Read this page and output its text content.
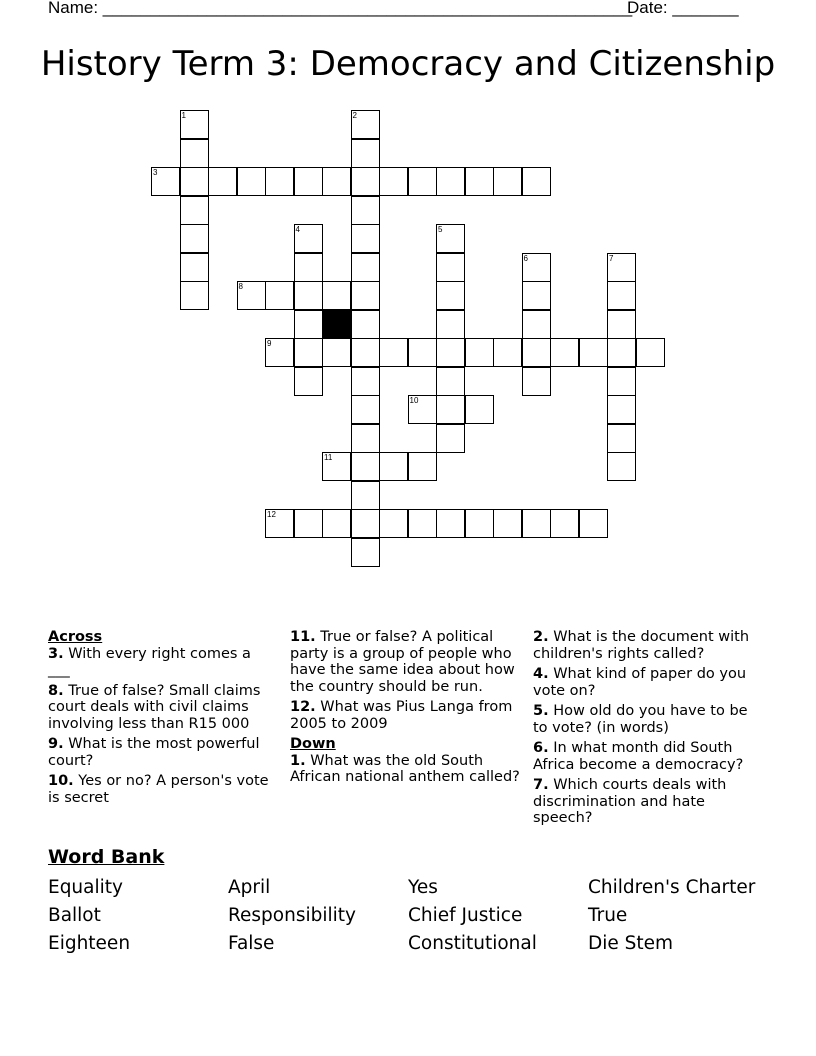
Name: ________________________________________________________
Date: _______
History Term 3: Democracy and Citizenship
1	2
3
4	5
6	7
8
9
10
11
12
Across
3. With every right comes a ___
8. True of false? Small claims court deals with civil claims involving less than R15 000
9. What is the most powerful court?
10. Yes or no? A person's vote is secret
11. True or false? A political party is a group of people who have the same idea about how the country should be run.
12. What was Pius Langa from 2005 to 2009
Down
1. What was the old South African national anthem called?
2. What is the document with children's rights called?
4. What kind of paper do you vote on?
5. How old do you have to be to vote? (in words)
6. In what month did South Africa become a democracy?
7. Which courts deals with discrimination and hate speech?
Word Bank
Equality
Ballot
Eighteen
April
Responsibility
False
Yes
Chief Justice
Constitutional
Children's Charter
True
Die Stem
